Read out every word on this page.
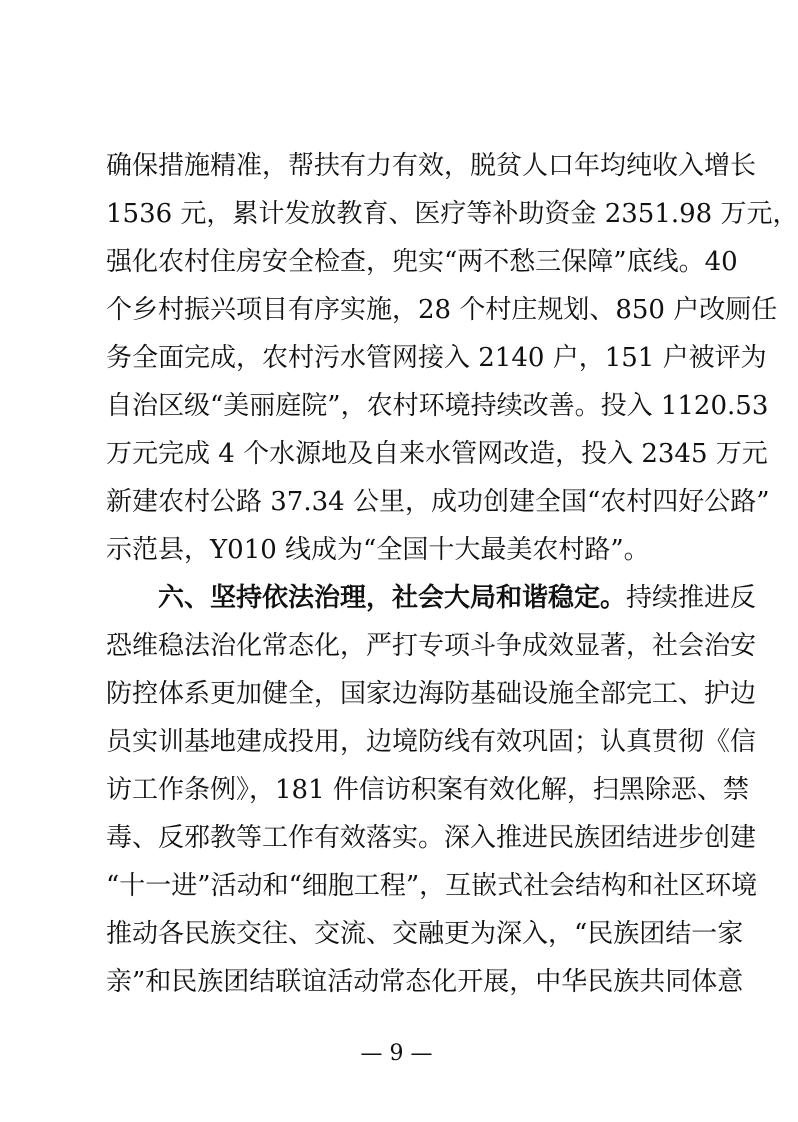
确保措施精准，帮扶有力有效，脱贫人口年均纯收入增长
1536 元，累计发放教育、医疗等补助资金 2351.98 万元，
强化农村住房安全检查，兜实“两不愁三保障”底线。40
个乡村振兴项目有序实施，28 个村庄规划、850 户改厕任
务全面完成，农村污水管网接入 2140 户，151 户被评为
自治区级“美丽庭院”，农村环境持续改善。投入 1120.53
万元完成 4 个水源地及自来水管网改造，投入 2345 万元
新建农村公路 37.34 公里，成功创建全国“农村四好公路”
示范县，Y010 线成为“全国十大最美农村路”。
六、坚持依法治理，社会大局和谐稳定。持续推进反
恐维稳法治化常态化，严打专项斗争成效显著，社会治安
防控体系更加健全，国家边海防基础设施全部完工、护边
员实训基地建成投用，边境防线有效巩固；认真贯彻《信
访工作条例》，181 件信访积案有效化解，扫黑除恶、禁
毒、反邪教等工作有效落实。深入推进民族团结进步创建
“十一进”活动和“细胞工程”，互嵌式社会结构和社区环境
推动各民族交往、交流、交融更为深入，“民族团结一家
亲”和民族团结联谊活动常态化开展，中华民族共同体意
— 9 —
